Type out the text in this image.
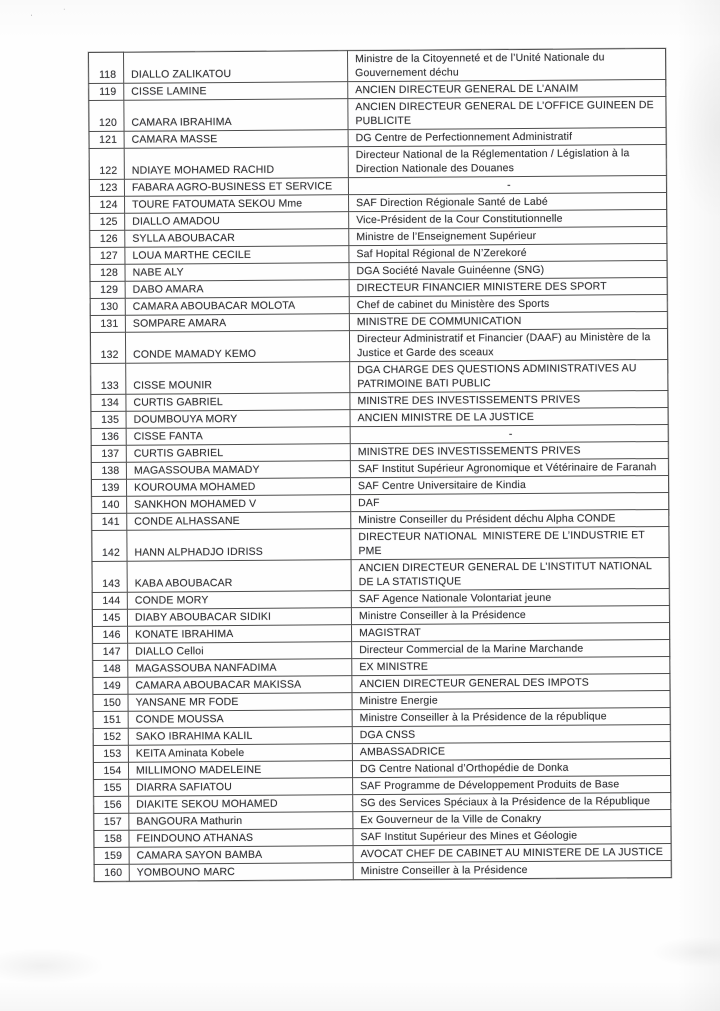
· ˙
118	DIALLO ZALIKATOU	Ministre de la Citoyenneté et de l’Unité Nationale du Gouvernement déchu
119	CISSE LAMINE	ANCIEN DIRECTEUR GENERAL DE L’ANAIM
120	CAMARA IBRAHIMA	ANCIEN DIRECTEUR GENERAL DE L’OFFICE GUINEEN DE PUBLICITE
121	CAMARA MASSE	DG Centre de Perfectionnement Administratif
122	NDIAYE MOHAMED RACHID	Directeur National de la Réglementation / Législation à la Direction Nationale des Douanes
123	FABARA AGRO-BUSINESS ET SERVICE	-
124	TOURE FATOUMATA SEKOU Mme	SAF Direction Régionale Santé de Labé
125	DIALLO AMADOU	Vice-Président de la Cour Constitutionnelle
126	SYLLA ABOUBACAR	Ministre de l’Enseignement Supérieur
127	LOUA MARTHE CECILE	Saf Hopital Régional de N’Zerekoré
128	NABE ALY	DGA Société Navale Guinéenne (SNG)
129	DABO AMARA	DIRECTEUR FINANCIER MINISTERE DES SPORT
130	CAMARA ABOUBACAR MOLOTA	Chef de cabinet du Ministère des Sports
131	SOMPARE AMARA	MINISTRE DE COMMUNICATION
132	CONDE MAMADY KEMO	Directeur Administratif et Financier (DAAF) au Ministère de la Justice et Garde des sceaux
133	CISSE MOUNIR	DGA CHARGE DES QUESTIONS ADMINISTRATIVES AU PATRIMOINE BATI PUBLIC
134	CURTIS GABRIEL	MINISTRE DES INVESTISSEMENTS PRIVES
135	DOUMBOUYA MORY	ANCIEN MINISTRE DE LA JUSTICE
136	CISSE FANTA	-
137	CURTIS GABRIEL	MINISTRE DES INVESTISSEMENTS PRIVES
138	MAGASSOUBA MAMADY	SAF Institut Supérieur Agronomique et Vétérinaire de Faranah
139	KOUROUMA MOHAMED	SAF Centre Universitaire de Kindia
140	SANKHON MOHAMED V	DAF
141	CONDE ALHASSANE	Ministre Conseiller du Président déchu Alpha CONDE
142	HANN ALPHADJO IDRISS	DIRECTEUR NATIONAL  MINISTERE DE L’INDUSTRIE ET PME
143	KABA ABOUBACAR	ANCIEN DIRECTEUR GENERAL DE L’INSTITUT NATIONAL DE LA STATISTIQUE
144	CONDE MORY	SAF Agence Nationale Volontariat jeune
145	DIABY ABOUBACAR SIDIKI	Ministre Conseiller à la Présidence
146	KONATE IBRAHIMA	MAGISTRAT
147	DIALLO Celloi	Directeur Commercial de la Marine Marchande
148	MAGASSOUBA NANFADIMA	EX MINISTRE
149	CAMARA ABOUBACAR MAKISSA	ANCIEN DIRECTEUR GENERAL DES IMPOTS
150	YANSANE MR FODE	Ministre Energie
151	CONDE MOUSSA	Ministre Conseiller à la Présidence de la république
152	SAKO IBRAHIMA KALIL	DGA CNSS
153	KEITA Aminata Kobele	AMBASSADRICE
154	MILLIMONO MADELEINE	DG Centre National d’Orthopédie de Donka
155	DIARRA SAFIATOU	SAF Programme de Développement Produits de Base
156	DIAKITE SEKOU MOHAMED	SG des Services Spéciaux à la Présidence de la République
157	BANGOURA Mathurin	Ex Gouverneur de la Ville de Conakry
158	FEINDOUNO ATHANAS	SAF Institut Supérieur des Mines et Géologie
159	CAMARA SAYON BAMBA	AVOCAT CHEF DE CABINET AU MINISTERE DE LA JUSTICE
160	YOMBOUNO MARC	Ministre Conseiller à la Présidence
